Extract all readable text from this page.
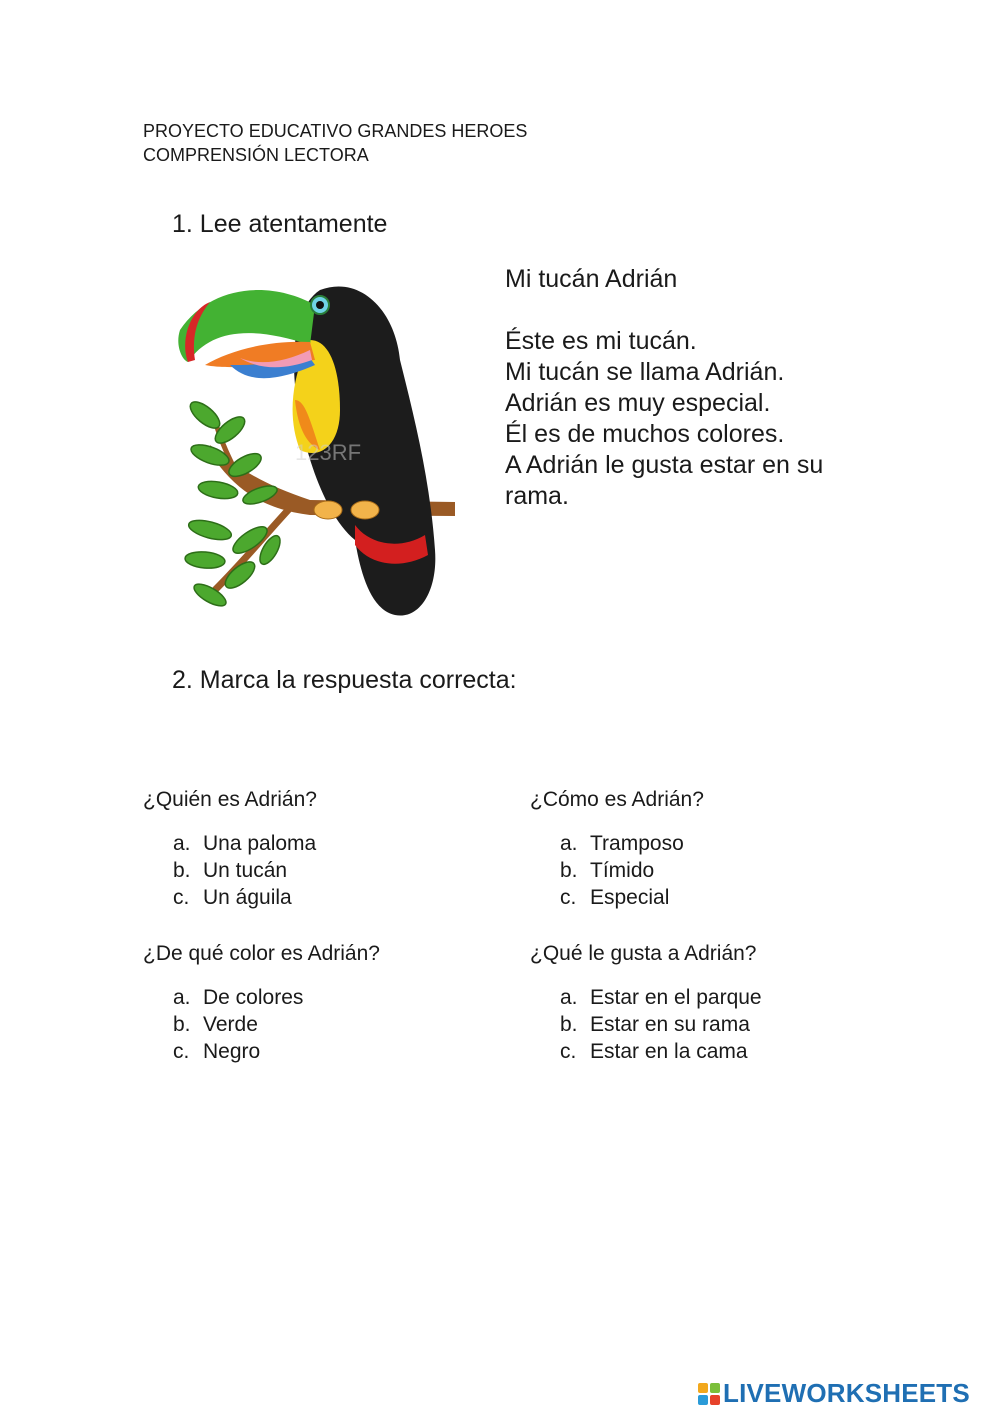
PROYECTO EDUCATIVO GRANDES HEROES
COMPRENSIÓN LECTORA
1. Lee atentamente
123RF

Mi tucán Adrián

Éste es mi tucán.

Mi tucán se llama Adrián.

Adrián es muy especial.

Él es de muchos colores.

A Adrián le gusta estar en su rama.

2. Marca la respuesta correcta:
¿Quién es Adrián?
a. Una paloma
b. Un tucán
c. Un águila
¿Cómo es Adrián?
a. Tramposo
b. Tímido
c. Especial
¿De qué color es Adrián?
a. De colores
b. Verde
c. Negro
¿Qué le gusta a Adrián?
a. Estar en el parque
b. Estar en su rama
c. Estar en la cama
LIVEWORKSHEETS
